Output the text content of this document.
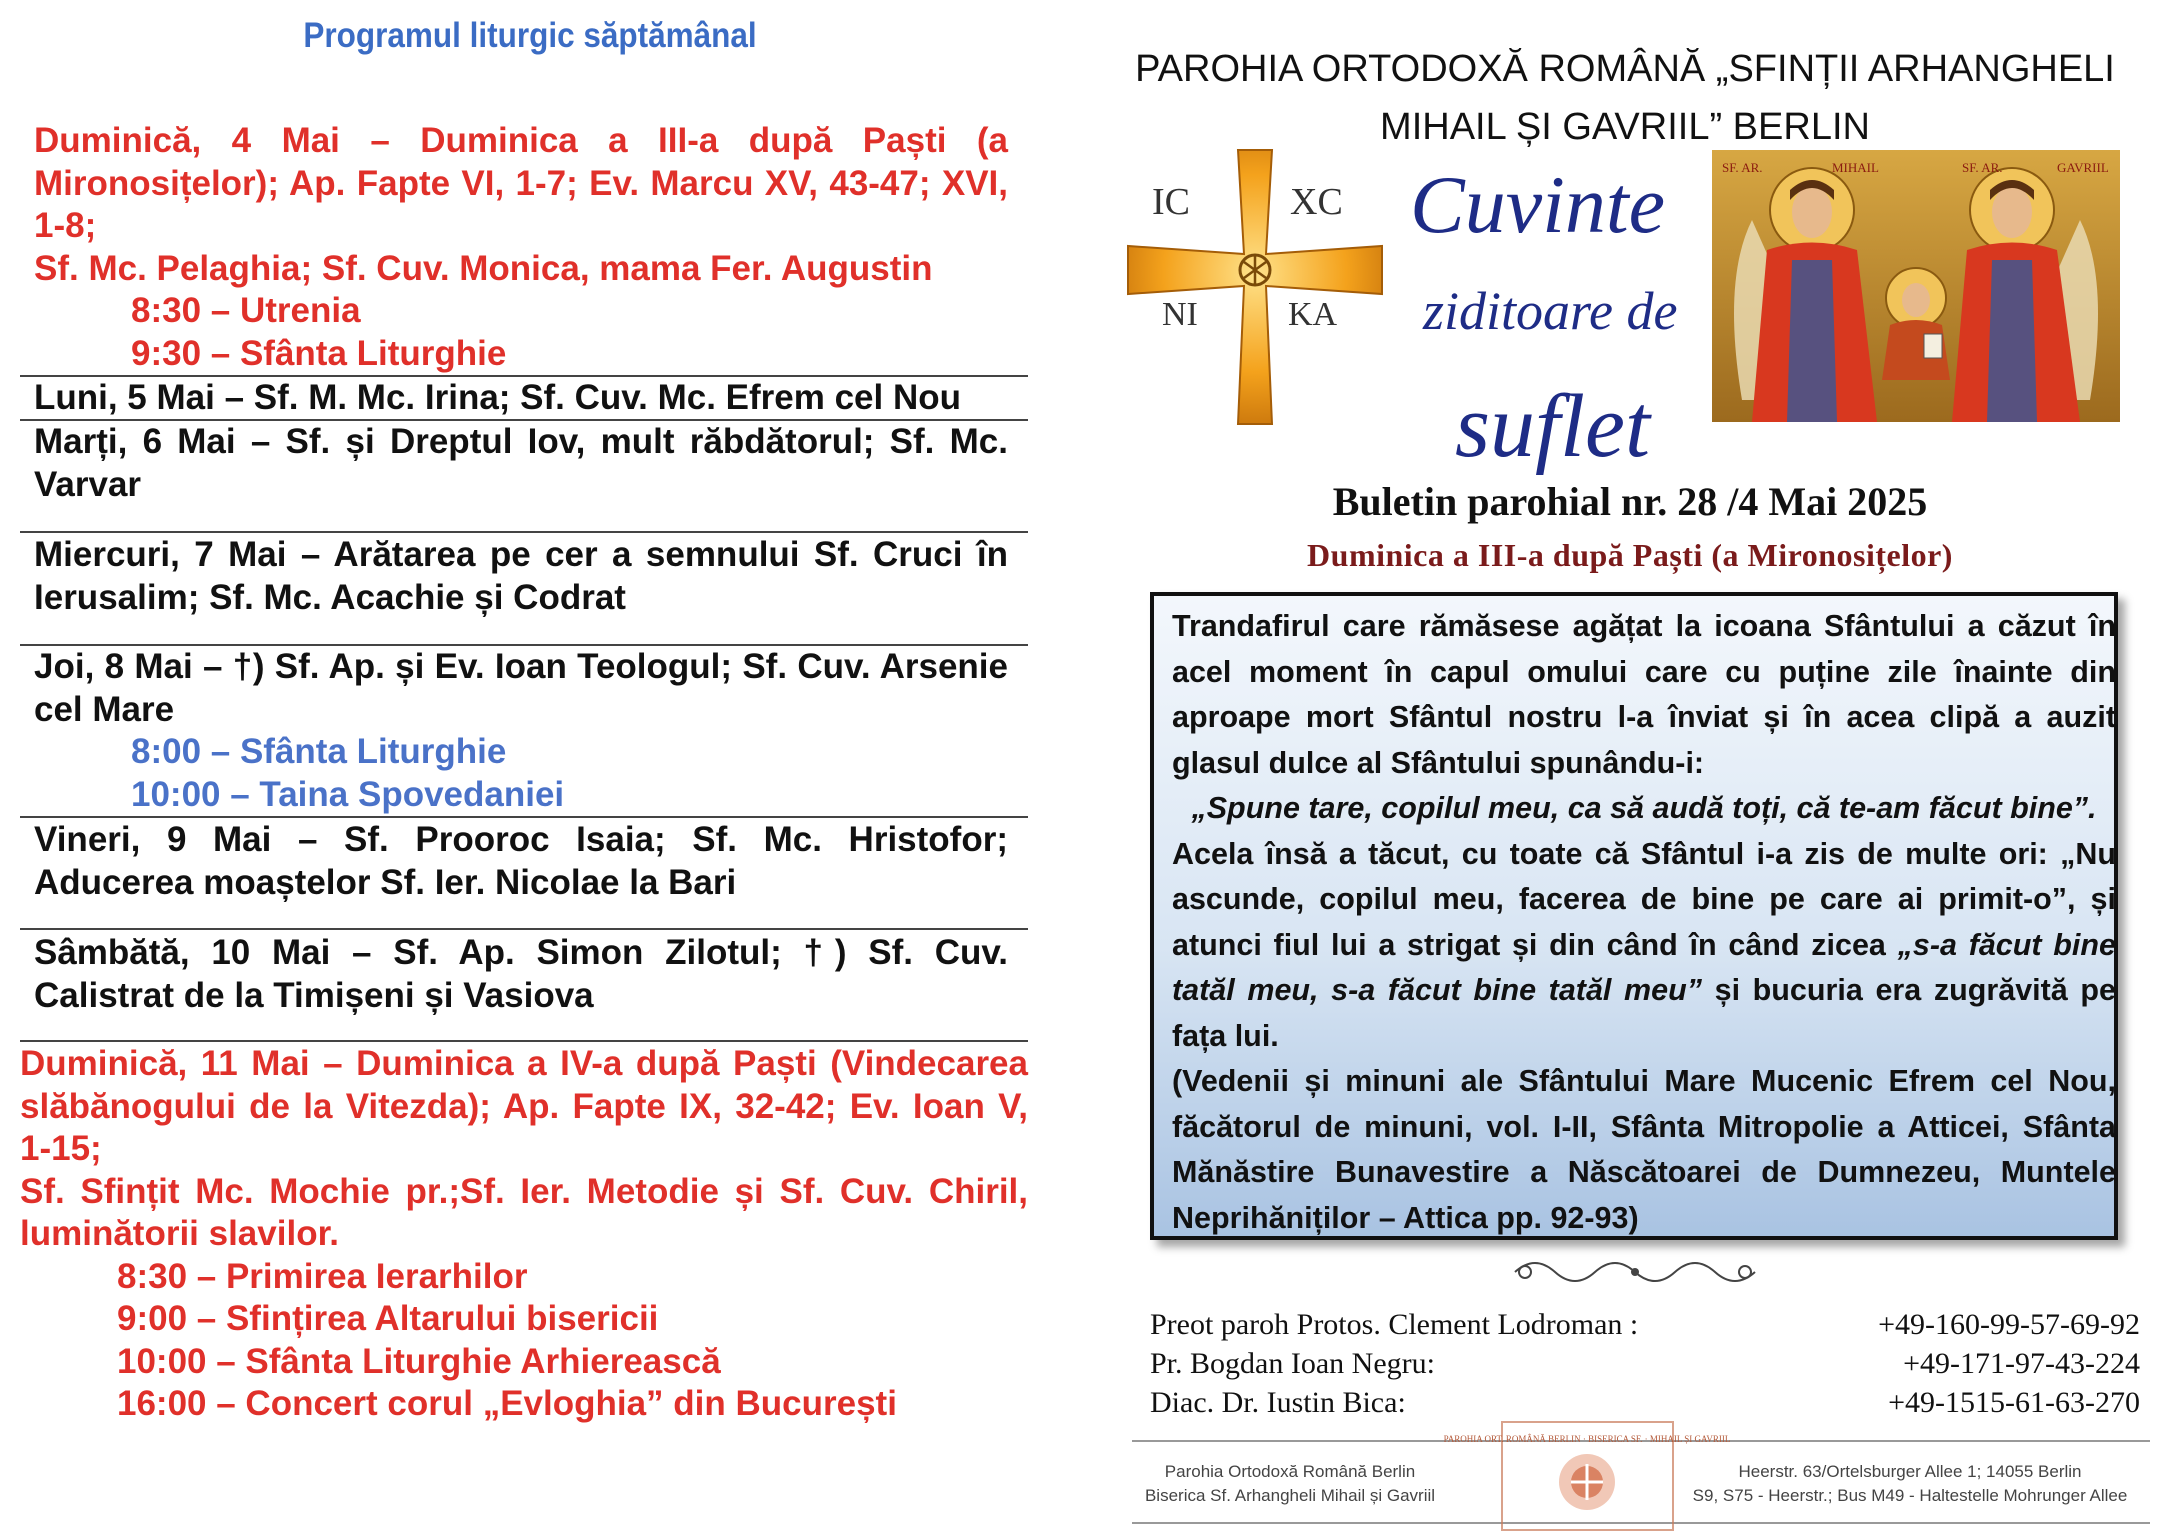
Programul liturgic săptămânal
Duminică, 4 Mai – Duminica a III-a după Paști (a Mironosițelor); Ap. Fapte VI, 1-7; Ev. Marcu XV, 43-47; XVI, 1-8;
Sf. Mc. Pelaghia; Sf. Cuv. Monica, mama Fer. Augustin
8:30 – Utrenia
9:30 – Sfânta Liturghie
Luni, 5 Mai – Sf. M. Mc. Irina; Sf. Cuv. Mc. Efrem cel Nou
Marți, 6 Mai – Sf. și Dreptul Iov, mult răbdătorul; Sf. Mc. Varvar
Miercuri, 7 Mai – Arătarea pe cer a semnului Sf. Cruci în Ierusalim; Sf. Mc. Acachie și Codrat
Joi, 8 Mai – †) Sf. Ap. și Ev. Ioan Teologul; Sf. Cuv. Arsenie cel Mare
8:00 – Sfânta Liturghie
10:00 – Taina Spovedaniei
Vineri, 9 Mai – Sf. Prooroc Isaia; Sf. Mc. Hristofor; Aducerea moaștelor Sf. Ier. Nicolae la Bari
Sâmbătă, 10 Mai – Sf. Ap. Simon Zilotul; †) Sf. Cuv. Calistrat de la Timișeni și Vasiova
Duminică, 11 Mai – Duminica a IV-a după Paști (Vindecarea slăbănogului de la Vitezda); Ap. Fapte IX, 32-42; Ev. Ioan V, 1-15;
Sf. Sfințit Mc. Mochie pr.;Sf. Ier. Metodie și Sf. Cuv. Chiril, luminătorii slavilor.
8:30 – Primirea Ierarhilor
9:00 – Sfințirea Altarului bisericii
10:00 – Sfânta Liturghie Arhierească
16:00 – Concert corul „Evloghia” din București
PAROHIA ORTODOXĂ ROMÂNĂ „SFINȚII ARHANGHELI
MIHAIL ȘI GAVRIIL” BERLIN
IC	XC
NI	KA
Cuvinte
ziditoare de
suflet
SF. AR.	MIHAIL	SF. AR.	GAVRIIL
Buletin parohial nr. 28 /4 Mai 2025
Duminica a III-a după Paști (a Mironosițelor)
Trandafirul care rămăsese agățat la icoana Sfântului a căzut în acel moment în capul omului care cu puține zile înainte din aproape mort Sfântul nostru l-a înviat și în acea clipă a auzit glasul dulce al Sfântului spunându-i:
„Spune tare, copilul meu, ca să audă toți, că te-am făcut bine”.
Acela însă a tăcut, cu toate că Sfântul i-a zis de multe ori: „Nu ascunde, copilul meu, facerea de bine pe care ai primit-o”, și atunci fiul lui a strigat și din când în când zicea „s-a făcut bine tatăl meu, s-a făcut bine tatăl meu” și bucuria era zugrăvită pe fața lui.
(Vedenii și minuni ale Sfântului Mare Mucenic Efrem cel Nou, făcătorul de minuni, vol. I-II, Sfânta Mitropolie a Atticei, Sfânta Mănăstire Bunavestire a Născătoarei de Dumnezeu, Muntele Neprihăniților – Attica pp. 92-93)
Preot paroh Protos. Clement Lodroman :	+49-160-99-57-69-92
Pr. Bogdan Ioan Negru:	+49-171-97-43-224
Diac. Dr. Iustin Bica:	+49-1515-61-63-270
Parohia Ortodoxă Română Berlin
Biserica Sf. Arhangheli Mihail și Gavriil
PAROHIA ORT. ROMÂNĂ BERLIN · BISERICA SF. · MIHAIL ȘI GAVRIIL
Heerstr. 63/Ortelsburger Allee 1; 14055 Berlin
S9, S75 - Heerstr.; Bus M49 - Haltestelle Mohrunger Allee
